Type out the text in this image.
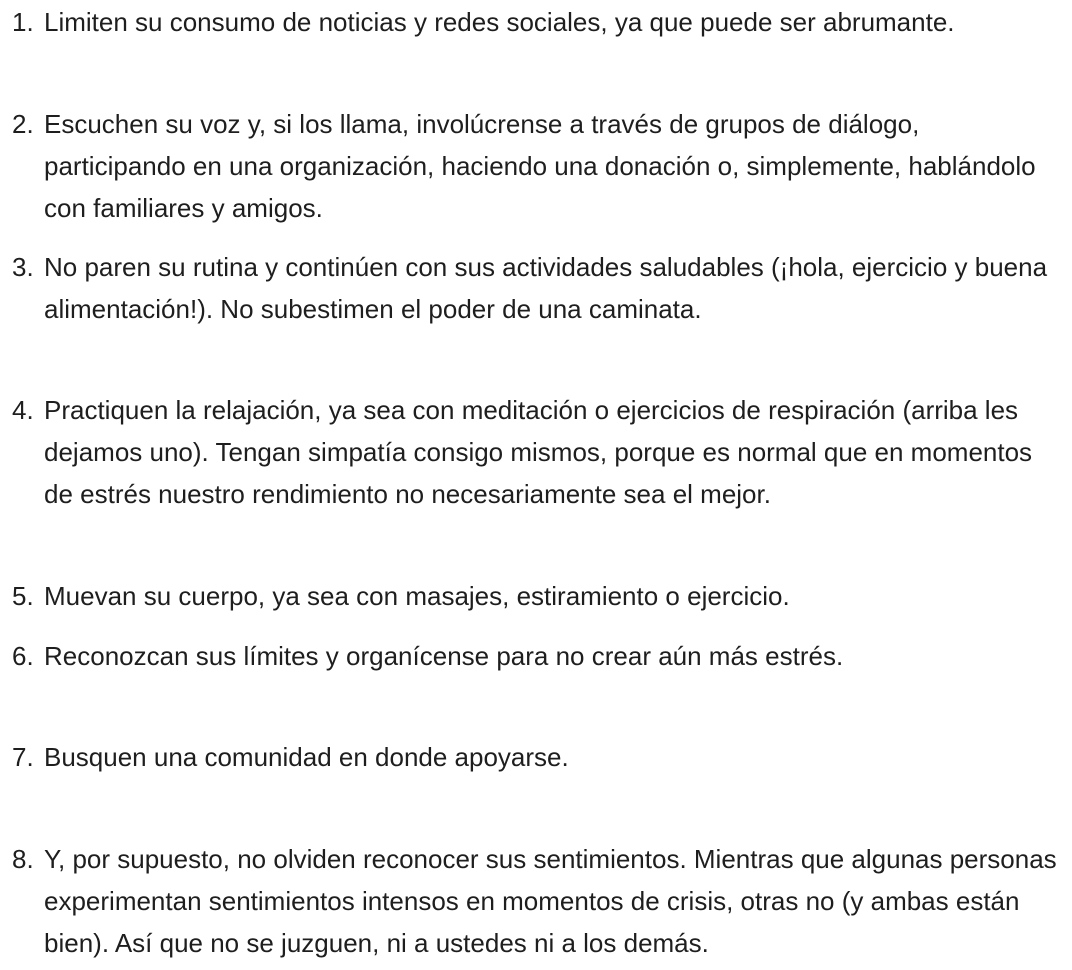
1. Limiten su consumo de noticias y redes sociales, ya que puede ser abrumante.
2. Escuchen su voz y, si los llama, involúcrense a través de grupos de diálogo, participando en una organización, haciendo una donación o, simplemente, hablándolo con familiares y amigos.
3. No paren su rutina y continúen con sus actividades saludables (¡hola, ejercicio y buena alimentación!). No subestimen el poder de una caminata.
4. Practiquen la relajación, ya sea con meditación o ejercicios de respiración (arriba les dejamos uno). Tengan simpatía consigo mismos, porque es normal que en momentos de estrés nuestro rendimiento no necesariamente sea el mejor.
5. Muevan su cuerpo, ya sea con masajes, estiramiento o ejercicio.
6. Reconozcan sus límites y organícense para no crear aún más estrés.
7. Busquen una comunidad en donde apoyarse.
8. Y, por supuesto, no olviden reconocer sus sentimientos. Mientras que algunas personas experimentan sentimientos intensos en momentos de crisis, otras no (y ambas están bien). Así que no se juzguen, ni a ustedes ni a los demás.
